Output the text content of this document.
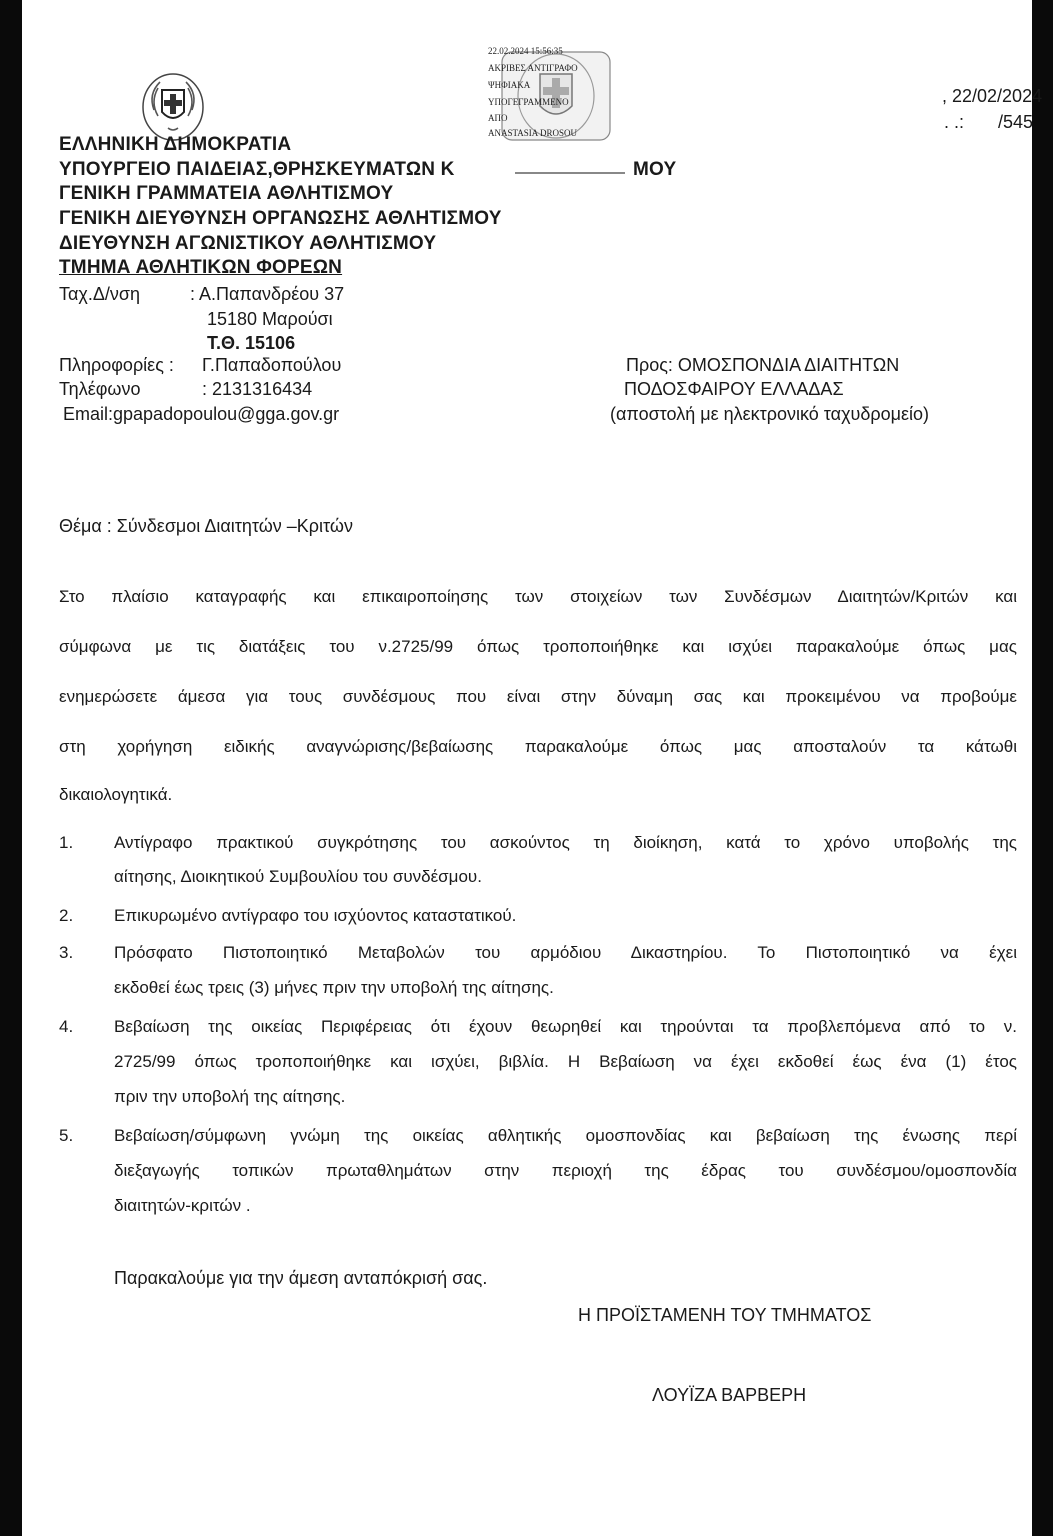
22.02.2024 15:56:35
ΑΚΡΙΒΕΣ ΑΝΤΙΓΡΑΦΟ
ΨΗΦΙΑΚΑ
ΥΠΟΓΕΓΡΑΜΜΕΝΟ
ΑΠΟ
ANASTASIA DROSOU
, 22/02/2024
. .: /545
ΕΛΛΗΝΙΚΗ ΔΗΜΟΚΡΑΤΙΑ
ΥΠΟΥΡΓΕΙΟ ΠΑΙΔΕΙΑΣ,ΘΡΗΣΚΕΥΜΑΤΩΝ Κ	ΜΟΥ
ΓΕΝΙΚΗ ΓΡΑΜΜΑΤΕΙΑ ΑΘΛΗΤΙΣΜΟΥ
ΓΕΝΙΚΗ ΔΙΕΥΘΥΝΣΗ ΟΡΓΑΝΩΣΗΣ ΑΘΛΗΤΙΣΜΟΥ
ΔΙΕΥΘΥΝΣΗ ΑΓΩΝΙΣΤΙΚΟΥ ΑΘΛΗΤΙΣΜΟΥ
ΤΜΗΜΑ ΑΘΛΗΤΙΚΩΝ ΦΟΡΕΩΝ
Ταχ.Δ/νση	: Α.Παπανδρέου 37
15180 Μαρούσι
Τ.Θ. 15106
Πληροφορίες : Γ.Παπαδοπούλου
Τηλέφωνο	: 2131316434
Email:gpapadopoulou@gga.gov.gr
Προς: ΟΜΟΣΠΟΝΔΙΑ ΔΙΑΙΤΗΤΩΝ
ΠΟΔΟΣΦΑΙΡΟΥ ΕΛΛΑΔΑΣ
(αποστολή με ηλεκτρονικό ταχυδρομείο)
Θέμα : Σύνδεσμοι Διαιτητών –Κριτών
Στο πλαίσιο καταγραφής και επικαιροποίησης των στοιχείων των Συνδέσμων Διαιτητών/Κριτών και
σύμφωνα με τις διατάξεις του ν.2725/99 όπως τροποποιήθηκε και ισχύει παρακαλούμε όπως μας
ενημερώσετε άμεσα για τους συνδέσμους που είναι στην δύναμη σας και προκειμένου να προβούμε
στη χορήγηση ειδικής αναγνώρισης/βεβαίωσης παρακαλούμε όπως μας αποσταλούν τα κάτωθι
δικαιολογητικά.
1. Αντίγραφο πρακτικού συγκρότησης του ασκούντος τη διοίκηση, κατά το χρόνο υποβολής της
αίτησης, Διοικητικού Συμβουλίου του συνδέσμου.
2. Επικυρωμένο αντίγραφο του ισχύοντος καταστατικού.
3. Πρόσφατο Πιστοποιητικό Μεταβολών του αρμόδιου Δικαστηρίου. Το Πιστοποιητικό να έχει
εκδοθεί έως τρεις (3) μήνες πριν την υποβολή της αίτησης.
4. Βεβαίωση της οικείας Περιφέρειας ότι έχουν θεωρηθεί και τηρούνται τα προβλεπόμενα από το ν.
2725/99 όπως τροποποιήθηκε και ισχύει, βιβλία. Η Βεβαίωση να έχει εκδοθεί έως ένα (1) έτος
πριν την υποβολή της αίτησης.
5. Βεβαίωση/σύμφωνη γνώμη της οικείας αθλητικής ομοσπονδίας και βεβαίωση της ένωσης περί
διεξαγωγής τοπικών πρωταθλημάτων στην περιοχή της έδρας του συνδέσμου/ομοσπονδία
διαιτητών-κριτών .
Παρακαλούμε για την άμεση ανταπόκρισή σας.
Η ΠΡΟΪΣΤΑΜΕΝΗ ΤΟΥ ΤΜΗΜΑΤΟΣ
ΛΟΥΪΖΑ ΒΑΡΒΕΡΗ
